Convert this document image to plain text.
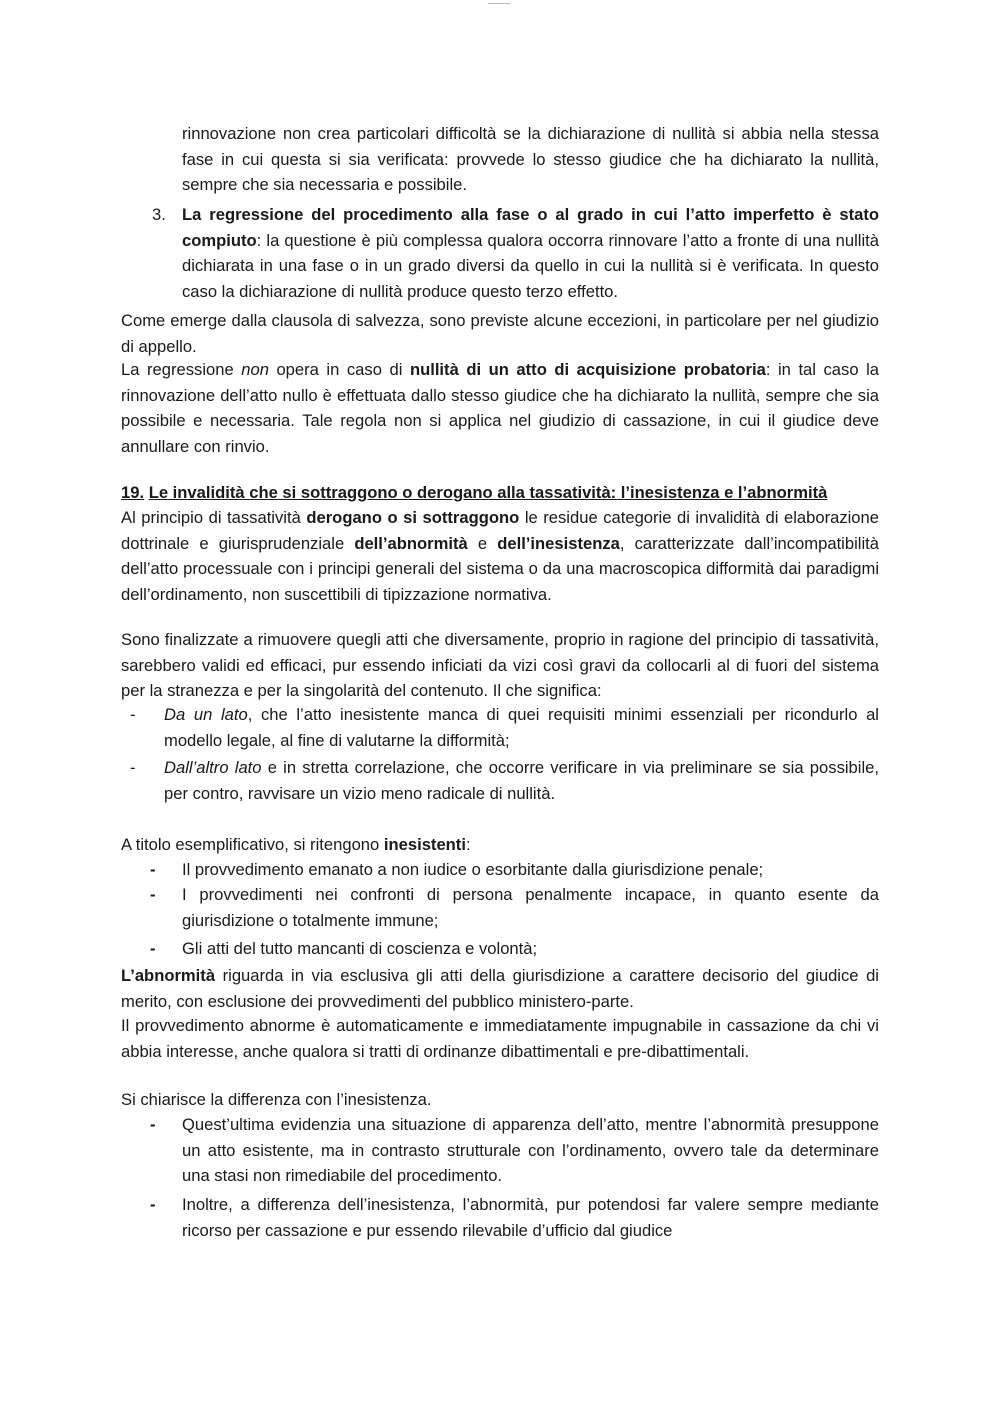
rinnovazione non crea particolari difficoltà se la dichiarazione di nullità si abbia nella stessa fase in cui questa si sia verificata: provvede lo stesso giudice che ha dichiarato la nullità, sempre che sia necessaria e possibile.

3. La regressione del procedimento alla fase o al grado in cui l’atto imperfetto è stato compiuto: la questione è più complessa qualora occorra rinnovare l’atto a fronte di una nullità dichiarata in una fase o in un grado diversi da quello in cui la nullità si è verificata. In questo caso la dichiarazione di nullità produce questo terzo effetto.

Come emerge dalla clausola di salvezza, sono previste alcune eccezioni, in particolare per nel giudizio di appello.

La regressione non opera in caso di nullità di un atto di acquisizione probatoria: in tal caso la rinnovazione dell’atto nullo è effettuata dallo stesso giudice che ha dichiarato la nullità, sempre che sia possibile e necessaria. Tale regola non si applica nel giudizio di cassazione, in cui il giudice deve annullare con rinvio.

19. Le invalidità che si sottraggono o derogano alla tassatività: l’inesistenza e l’abnormità

Al principio di tassatività derogano o si sottraggono le residue categorie di invalidità di elaborazione dottrinale e giurisprudenziale dell’abnormità e dell’inesistenza, caratterizzate dall’incompatibilità dell’atto processuale con i principi generali del sistema o da una macroscopica difformità dai paradigmi dell’ordinamento, non suscettibili di tipizzazione normativa.

Sono finalizzate a rimuovere quegli atti che diversamente, proprio in ragione del principio di tassatività, sarebbero validi ed efficaci, pur essendo inficiati da vizi così gravi da collocarli al di fuori del sistema per la stranezza e per la singolarità del contenuto. Il che significa:

- Da un lato, che l’atto inesistente manca di quei requisiti minimi essenziali per ricondurlo al modello legale, al fine di valutarne la difformità;

- Dall’altro lato e in stretta correlazione, che occorre verificare in via preliminare se sia possibile, per contro, ravvisare un vizio meno radicale di nullità.

A titolo esemplificativo, si ritengono inesistenti:

- Il provvedimento emanato a non iudice o esorbitante dalla giurisdizione penale;

- I provvedimenti nei confronti di persona penalmente incapace, in quanto esente da giurisdizione o totalmente immune;

- Gli atti del tutto mancanti di coscienza e volontà;

L’abnormità riguarda in via esclusiva gli atti della giurisdizione a carattere decisorio del giudice di merito, con esclusione dei provvedimenti del pubblico ministero-parte.

Il provvedimento abnorme è automaticamente e immediatamente impugnabile in cassazione da chi vi abbia interesse, anche qualora si tratti di ordinanze dibattimentali e pre-dibattimentali.

Si chiarisce la differenza con l’inesistenza.

- Quest’ultima evidenzia una situazione di apparenza dell’atto, mentre l’abnormità presuppone un atto esistente, ma in contrasto strutturale con l’ordinamento, ovvero tale da determinare una stasi non rimediabile del procedimento.

- Inoltre, a differenza dell’inesistenza, l’abnormità, pur potendosi far valere sempre mediante ricorso per cassazione e pur essendo rilevabile d’ufficio dal giudice
